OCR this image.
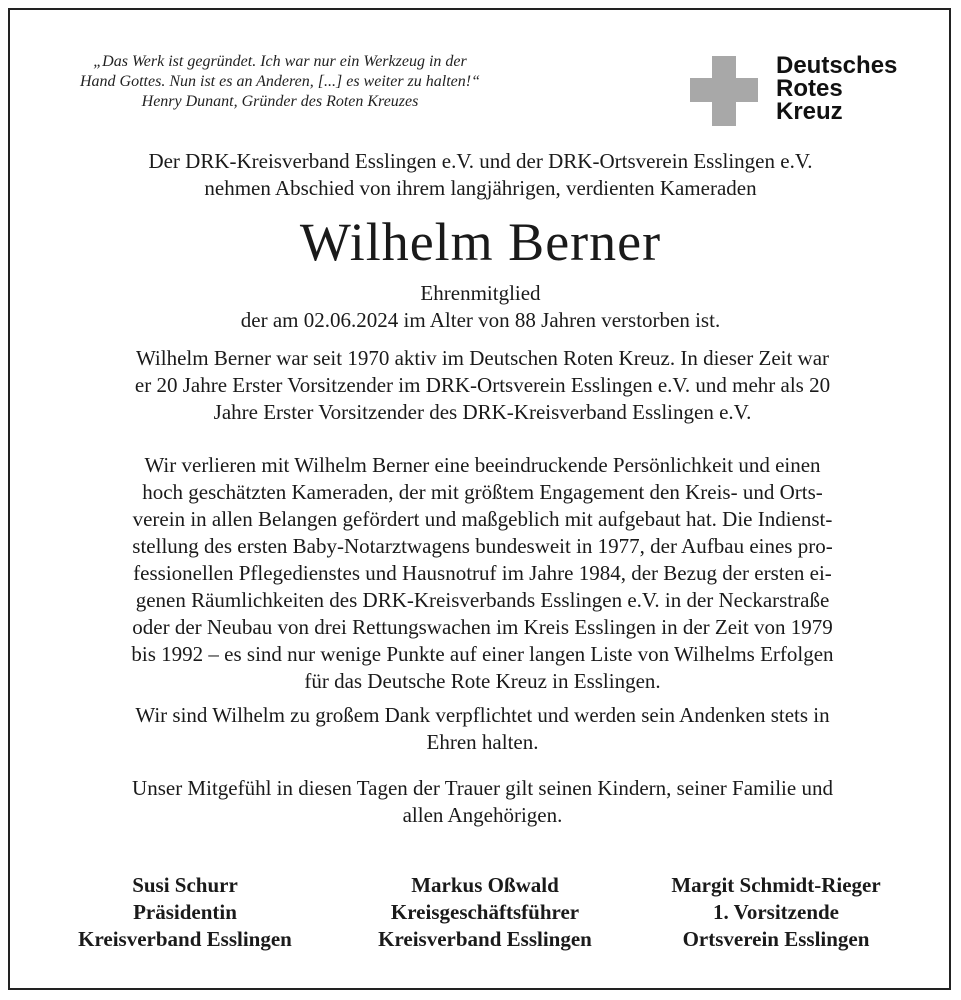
„Das Werk ist gegründet. Ich war nur ein Werkzeug in der
Hand Gottes. Nun ist es an Anderen, [...] es weiter zu halten!“
Henry Dunant, Gründer des Roten Kreuzes
Deutsches
Rotes
Kreuz
Der DRK-Kreisverband Esslingen e.V. und der DRK-Ortsverein Esslingen e.V.
nehmen Abschied von ihrem langjährigen, verdienten Kameraden
Wilhelm Berner
Ehrenmitglied
der am 02.06.2024 im Alter von 88 Jahren verstorben ist.
Wilhelm Berner war seit 1970 aktiv im Deutschen Roten Kreuz. In dieser Zeit war
er 20 Jahre Erster Vorsitzender im DRK-Ortsverein Esslingen e.V. und mehr als 20
Jahre Erster Vorsitzender des DRK-Kreisverband Esslingen e.V.
Wir verlieren mit Wilhelm Berner eine beeindruckende Persönlichkeit und einen
hoch geschätzten Kameraden, der mit größtem Engagement den Kreis- und Orts-
verein in allen Belangen gefördert und maßgeblich mit aufgebaut hat. Die Indienst-
stellung des ersten Baby-Notarztwagens bundesweit in 1977, der Aufbau eines pro-
fessionellen Pflegedienstes und Hausnotruf im Jahre 1984, der Bezug der ersten ei-
genen Räumlichkeiten des DRK-Kreisverbands Esslingen e.V. in der Neckarstraße
oder der Neubau von drei Rettungswachen im Kreis Esslingen in der Zeit von 1979
bis 1992 – es sind nur wenige Punkte auf einer langen Liste von Wilhelms Erfolgen
für das Deutsche Rote Kreuz in Esslingen.
Wir sind Wilhelm zu großem Dank verpflichtet und werden sein Andenken stets in
Ehren halten.
Unser Mitgefühl in diesen Tagen der Trauer gilt seinen Kindern, seiner Familie und
allen Angehörigen.
Susi Schurr
Präsidentin
Kreisverband Esslingen
Markus Oßwald
Kreisgeschäftsführer
Kreisverband Esslingen
Margit Schmidt-Rieger
1. Vorsitzende
Ortsverein Esslingen
